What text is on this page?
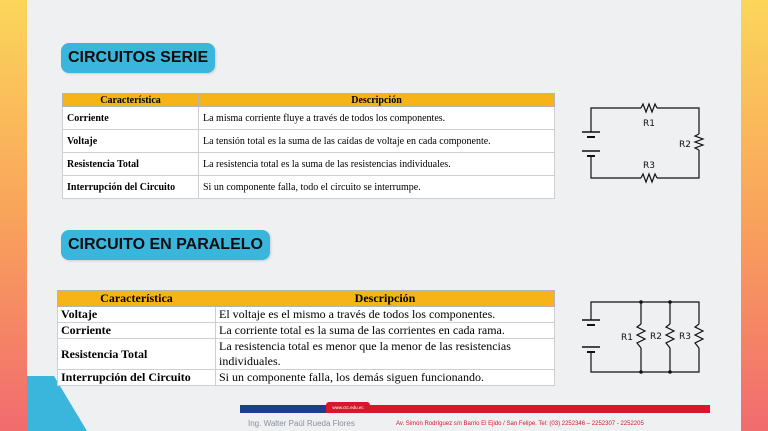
CIRCUITOS SERIE
Característica	Descripción
Corriente	La misma corriente fluye a través de todos los componentes.
Voltaje	La tensión total es la suma de las caídas de voltaje en cada componente.
Resistencia Total	La resistencia total es la suma de las resistencias individuales.
Interrupción del Circuito	Si un componente falla, todo el circuito se interrumpe.
R1
R2
R3
CIRCUITO EN PARALELO
Característica	Descripción
Voltaje	El voltaje es el mismo a través de todos los componentes.
Corriente	La corriente total es la suma de las corrientes en cada rama.
Resistencia Total	La resistencia total es menor que la menor de las resistencias individuales.
Interrupción del Circuito	Si un componente falla, los demás siguen funcionando.
R1 R2 R3
www.ctc.edu.ec
Ing. Walter Paúl Rueda Flores	Av. Simón Rodríguez s/n Barrio El Ejido / San Felipe. Tel: (03) 2252346 – 2252307 - 2252205
